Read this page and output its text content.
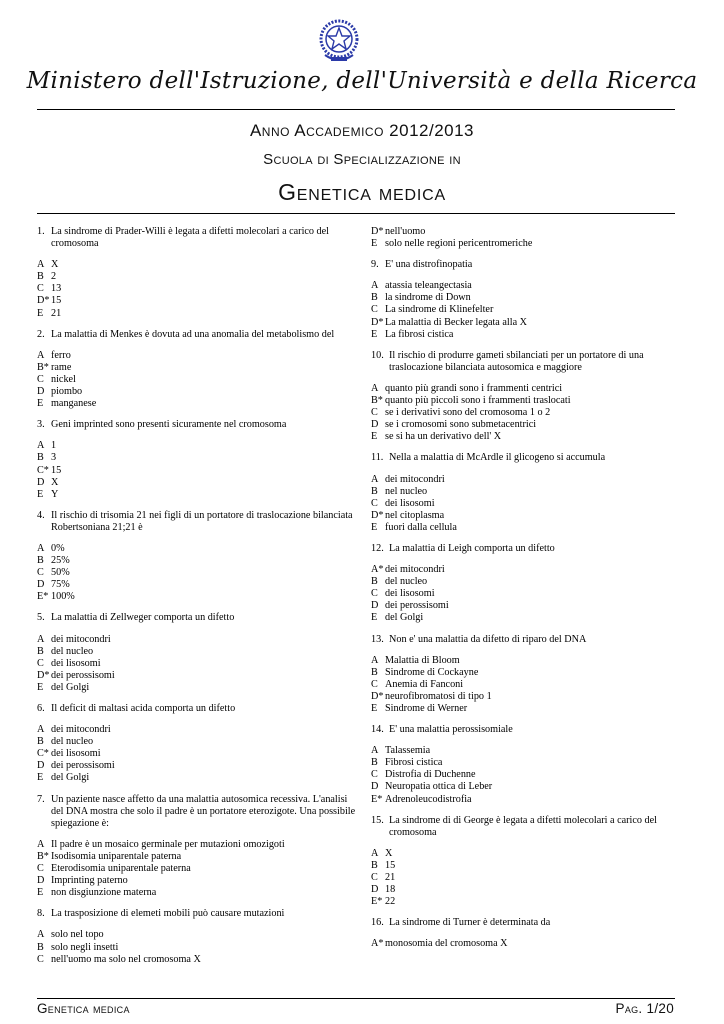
Ministero dell'Istruzione, dell'Università e della Ricerca
Anno Accademico 2012/2013
Scuola di Specializzazione in
Genetica medica
1. La sindrome di Prader-Willi è legata a difetti molecolari a carico del cromosoma
A X
B 2
C 13
D* 15
E 21
2. La malattia di Menkes è dovuta ad una anomalia del metabolismo del
A ferro
B* rame
C nickel
D piombo
E manganese
3. Geni imprinted sono presenti sicuramente nel cromosoma
A 1
B 3
C* 15
D X
E Y
4. Il rischio di trisomia 21 nei figli di un portatore di traslocazione bilanciata Robertsoniana 21;21 è
A 0%
B 25%
C 50%
D 75%
E* 100%
5. La malattia di Zellweger comporta un difetto
A dei mitocondri
B del nucleo
C dei lisosomi
D* dei perossisomi
E del Golgi
6. Il deficit di maltasi acida comporta un difetto
A dei mitocondri
B del nucleo
C* dei lisosomi
D dei perossisomi
E del Golgi
7. Un paziente nasce affetto da una malattia autosomica recessiva. L'analisi del DNA mostra che solo il padre è un portatore eterozigote. Una possibile spiegazione è:
A Il padre è un mosaico germinale per mutazioni omozigoti
B* Isodisomia uniparentale paterna
C Eterodisomia uniparentale paterna
D Imprinting paterno
E non disgiunzione materna
8. La trasposizione di elemeti mobili può causare mutazioni
A solo nel topo
B solo negli insetti
C nell'uomo ma solo nel cromosoma X
D* nell'uomo
E solo nelle regioni pericentromeriche
9. E' una distrofinopatia
A atassia teleangectasia
B la sindrome di Down
C La sindrome di Klinefelter
D* La malattia di Becker legata alla X
E La fibrosi cistica
10. Il rischio di produrre gameti sbilanciati per un portatore di una traslocazione bilanciata autosomica e maggiore
A quanto più grandi sono i frammenti centrici
B* quanto più piccoli sono i frammenti traslocati
C se i derivativi sono del cromosoma 1 o 2
D se i cromosomi sono submetacentrici
E se si ha un derivativo dell' X
11. Nella a malattia di McArdle il glicogeno si accumula
A dei mitocondri
B nel nucleo
C dei lisosomi
D* nel citoplasma
E fuori dalla cellula
12. La malattia di Leigh comporta un difetto
A* dei mitocondri
B del nucleo
C dei lisosomi
D dei perossisomi
E del Golgi
13. Non e' una malattia da difetto di riparo del DNA
A Malattia di Bloom
B Sindrome di Cockayne
C Anemia di Fanconi
D* neurofibromatosi di tipo 1
E Sindrome di Werner
14. E' una malattia perossisomiale
A Talassemia
B Fibrosi cistica
C Distrofia di Duchenne
D Neuropatia ottica di Leber
E* Adrenoleucodistrofia
15. La sindrome di di George è legata a difetti molecolari a carico del cromosoma
A X
B 15
C 21
D 18
E* 22
16. La sindrome di Turner è determinata da
A* monosomia del cromosoma X
Genetica medica	Pag. 1/20
